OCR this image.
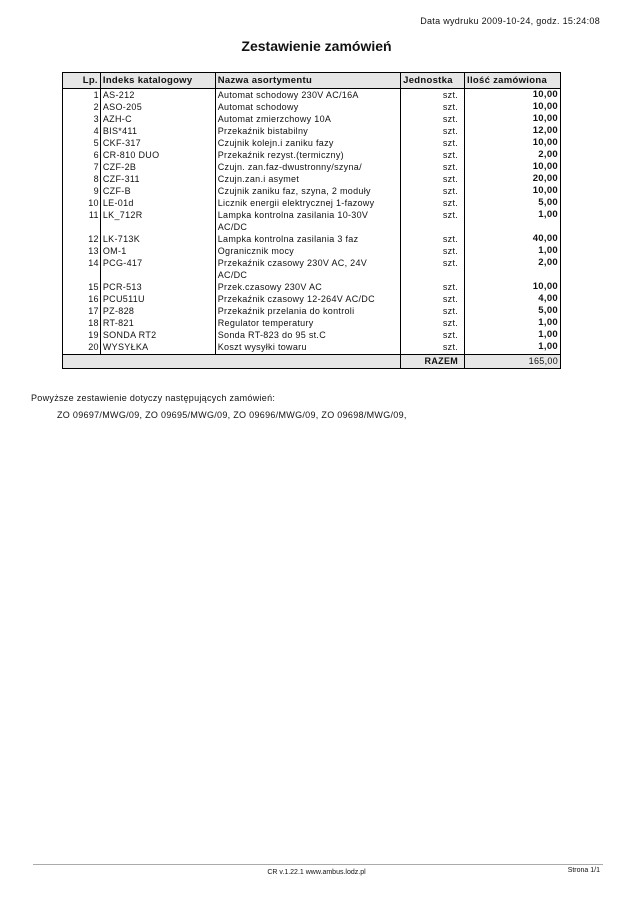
Data wydruku 2009-10-24, godz. 15:24:08
Zestawienie zamówień
Lp.	Indeks katalogowy	Nazwa asortymentu	Jednostka	Ilość zamówiona
1	AS-212	Automat schodowy 230V AC/16A	szt.	10,00
2	ASO-205	Automat schodowy	szt.	10,00
3	AZH-C	Automat zmierzchowy 10A	szt.	10,00
4	BIS*411	Przekaźnik bistabilny	szt.	12,00
5	CKF-317	Czujnik kolejn.i zaniku fazy	szt.	10,00
6	CR-810 DUO	Przekaźnik rezyst.(termiczny)	szt.	2,00
7	CZF-2B	Czujn. zan.faz-dwustronny/szyna/	szt.	10,00
8	CZF-311	Czujn.zan.i asymet	szt.	20,00
9	CZF-B	Czujnik zaniku faz, szyna, 2 moduły	szt.	10,00
10	LE-01d	Licznik energii elektrycznej 1-fazowy	szt.	5,00
11	LK_712R	Lampka kontrolna zasilania 10-30V AC/DC	szt.	1,00
12	LK-713K	Lampka kontrolna zasilania 3 faz	szt.	40,00
13	OM-1	Ogranicznik mocy	szt.	1,00
14	PCG-417	Przekaźnik czasowy 230V AC, 24V AC/DC	szt.	2,00
15	PCR-513	Przek.czasowy 230V AC	szt.	10,00
16	PCU511U	Przekaźnik czasowy 12-264V AC/DC	szt.	4,00
17	PZ-828	Przekaźnik przelania do kontroli	szt.	5,00
18	RT-821	Regulator temperatury	szt.	1,00
19	SONDA RT2	Sonda RT-823 do 95 st.C	szt.	1,00
20	WYSYŁKA	Koszt wysyłki towaru	szt.	1,00
			RAZEM	165,00
Powyższe zestawienie dotyczy następujących zamówień:
ZO 09697/MWG/09, ZO 09695/MWG/09, ZO 09696/MWG/09, ZO 09698/MWG/09,
CR v.1.22.1 www.ambus.lodz.pl	Strona 1/1
